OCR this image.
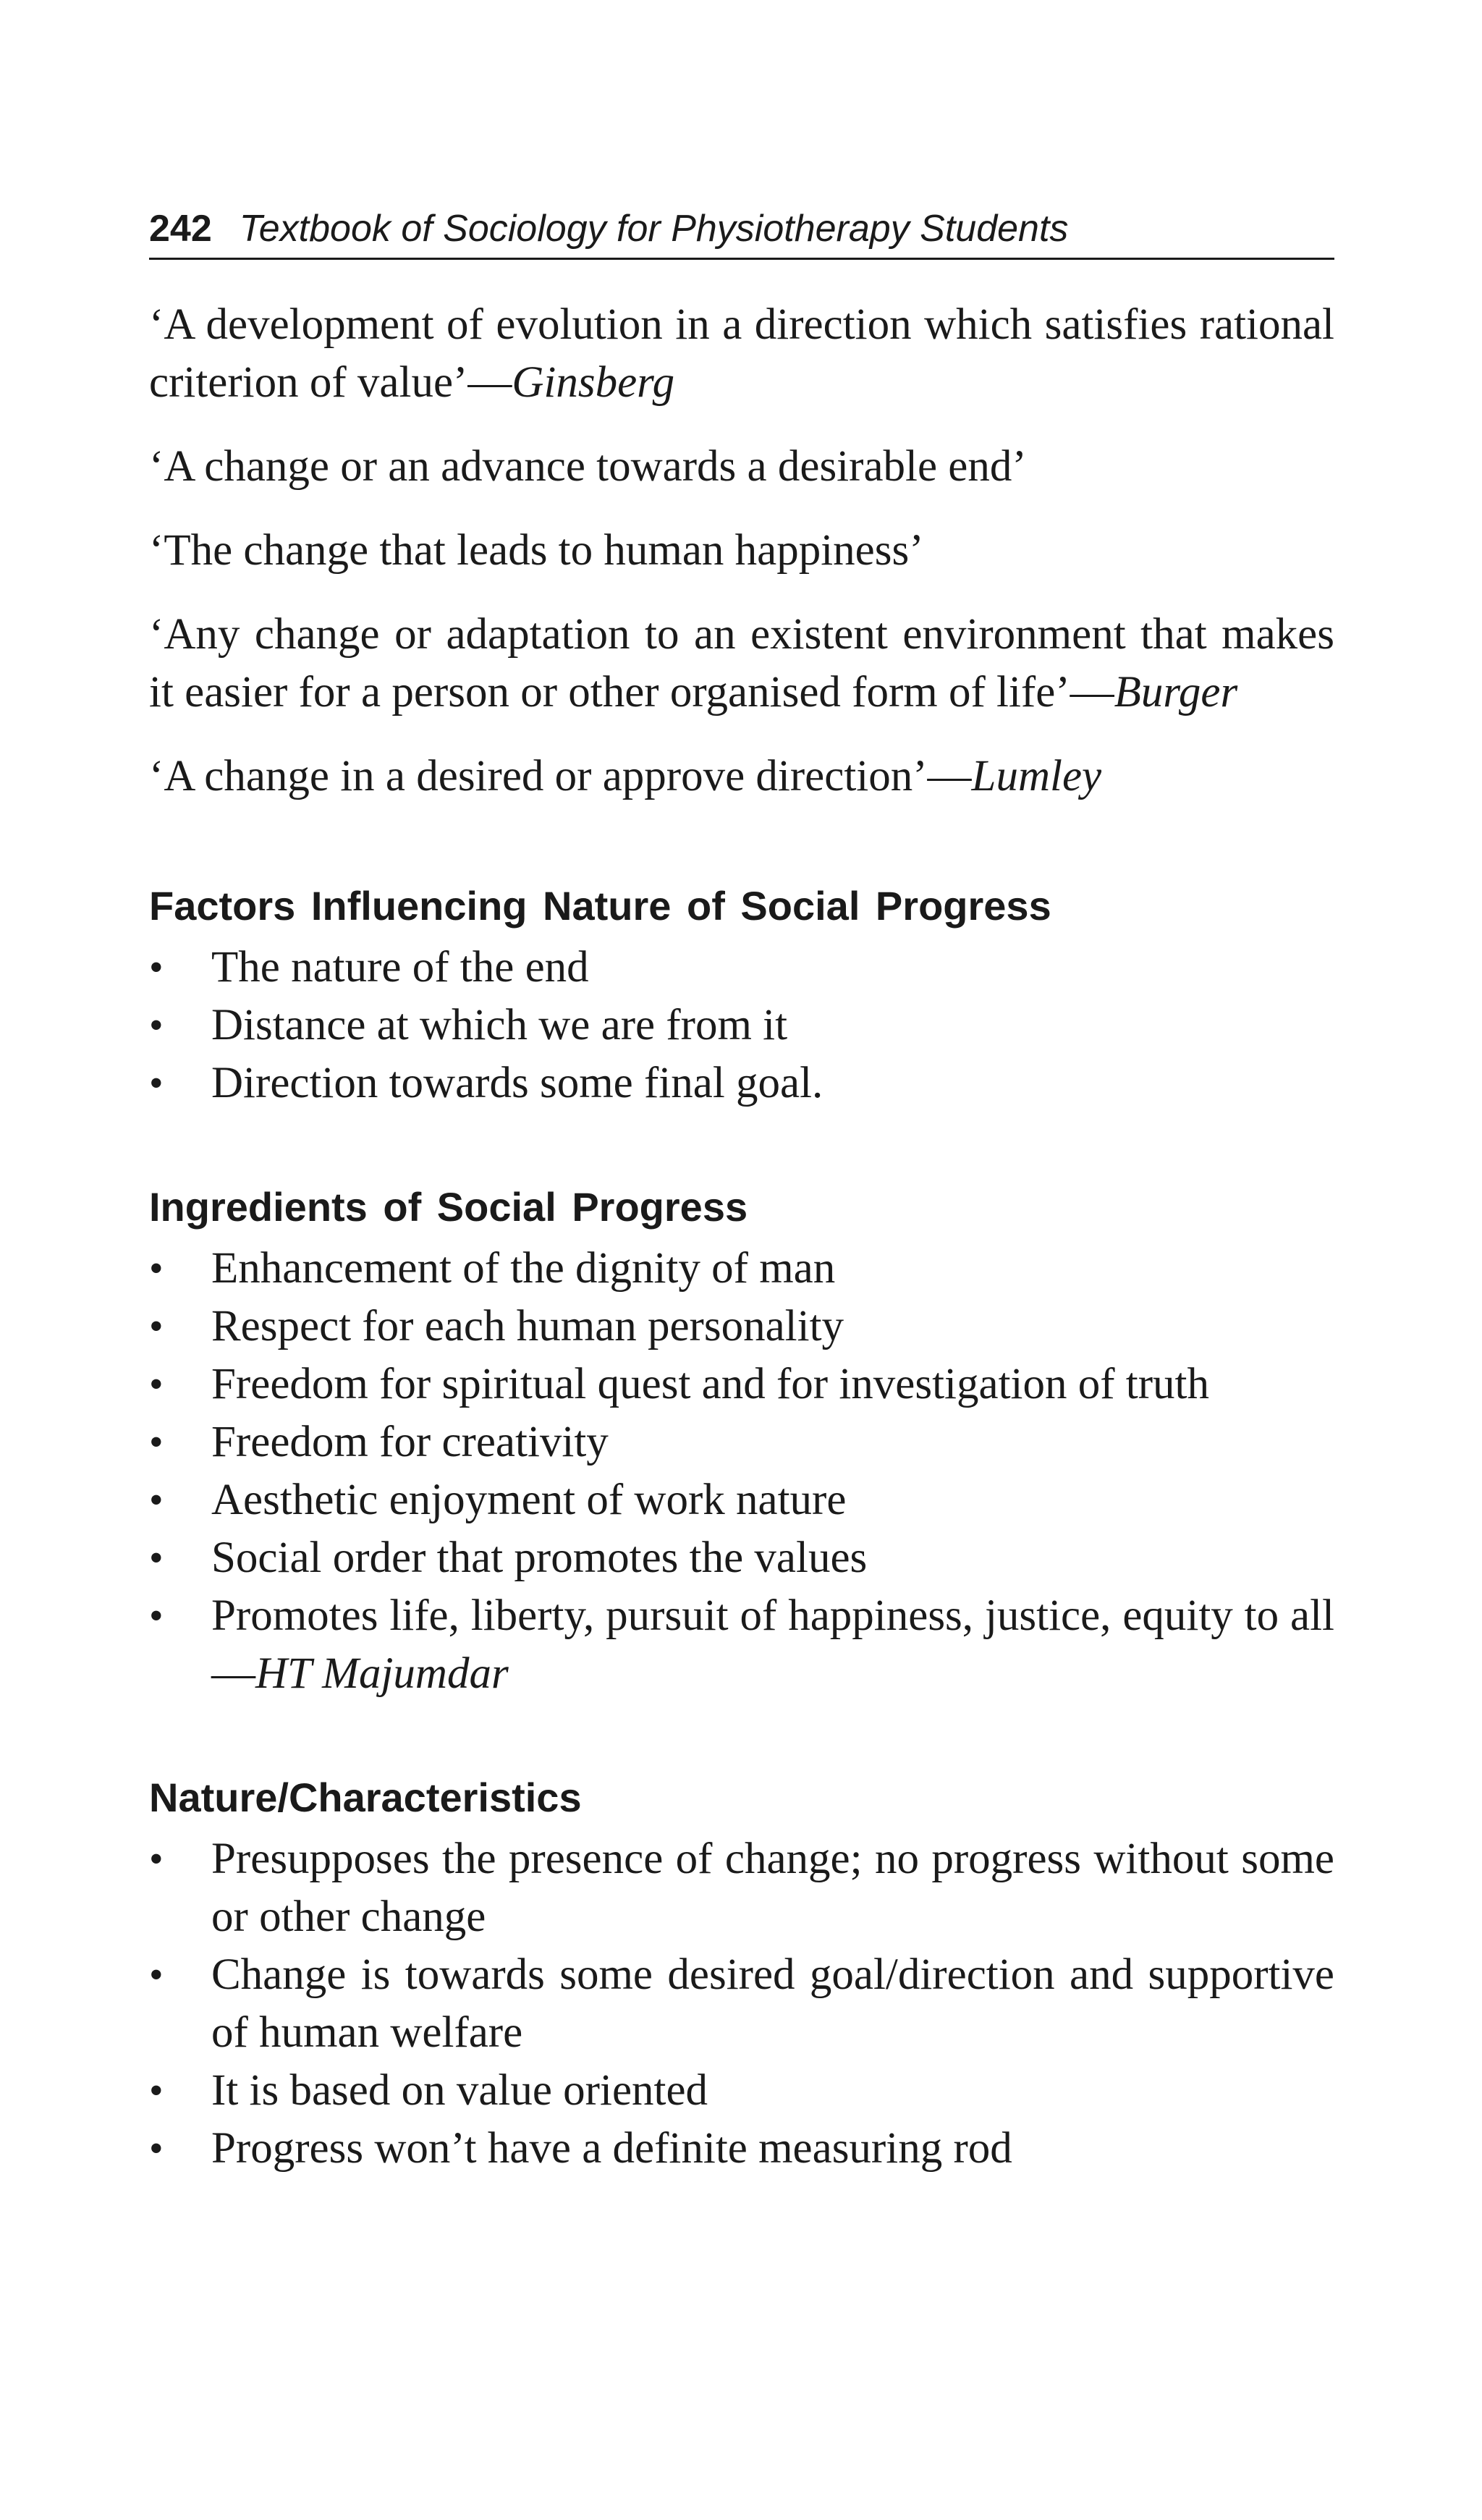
242 Textbook of Sociology for Physiotherapy Students

‘A development of evolution in a direction which satisfies rational criterion of value’—Ginsberg

‘A change or an advance towards a desirable end’

‘The change that leads to human happiness’

‘Any change or adaptation to an existent environment that makes it easier for a person or other organised form of life’—Burger

‘A change in a desired or approve direction’—Lumley

Factors Influencing Nature of Social Progress
•	The nature of the end
•	Distance at which we are from it
•	Direction towards some final goal.
Ingredients of Social Progress
•	Enhancement of the dignity of man
•	Respect for each human personality
•	Freedom for spiritual quest and for investigation of truth
•	Freedom for creativity
•	Aesthetic enjoyment of work nature
•	Social order that promotes the values
•	Promotes life, liberty, pursuit of happiness, justice, equity to all—HT Majumdar
Nature/Characteristics
•	Presupposes the presence of change; no progress without some or other change
•	Change is towards some desired goal/direction and supportive of human welfare
•	It is based on value oriented
•	Progress won’t have a definite measuring rod
